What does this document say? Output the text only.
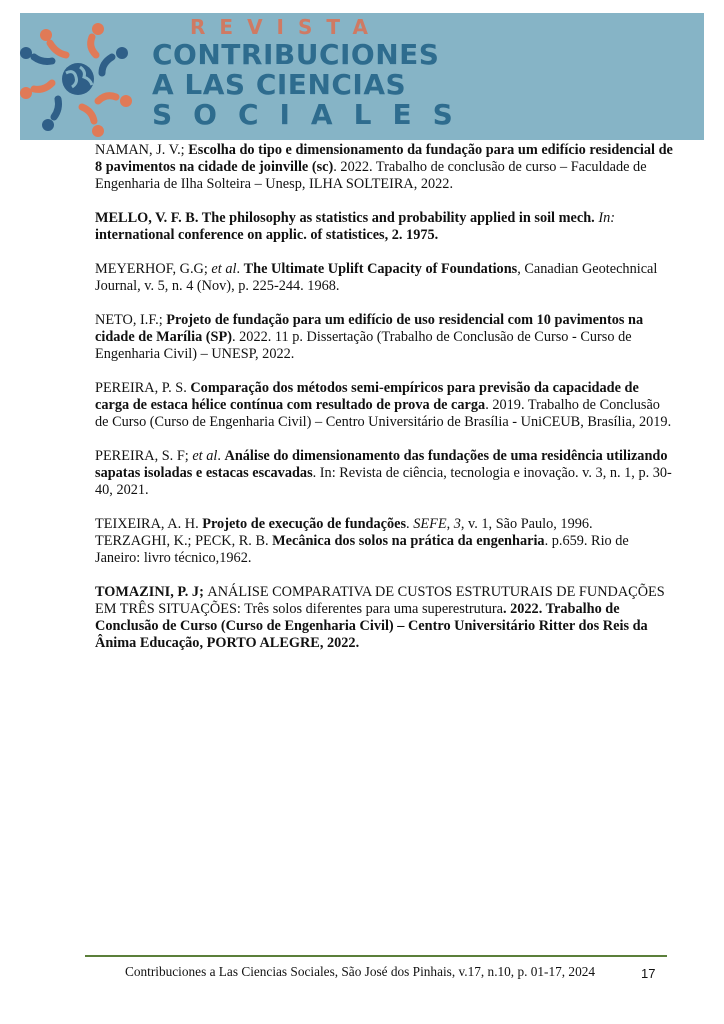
REVISTA
CONTRIBUCIONES
A LAS CIENCIAS
SOCIALES

NAMAN, J. V.; Escolha do tipo e dimensionamento da fundação para um edifício residencial de 8 pavimentos na cidade de joinville (sc). 2022. Trabalho de conclusão de curso – Faculdade de Engenharia de Ilha Solteira – Unesp, ILHA SOLTEIRA, 2022.

MELLO, V. F. B. The philosophy as statistics and probability applied in soil mech. In: international conference on applic. of statistices, 2. 1975.

MEYERHOF, G.G; et al. The Ultimate Uplift Capacity of Foundations, Canadian Geotechnical Journal, v. 5, n. 4 (Nov), p. 225-244. 1968.

NETO, I.F.; Projeto de fundação para um edifício de uso residencial com 10 pavimentos na cidade de Marília (SP). 2022. 11 p. Dissertação (Trabalho de Conclusão de Curso - Curso de Engenharia Civil) – UNESP, 2022.

PEREIRA, P. S. Comparação dos métodos semi-empíricos para previsão da capacidade de carga de estaca hélice contínua com resultado de prova de carga. 2019. Trabalho de Conclusão de Curso (Curso de Engenharia Civil) – Centro Universitário de Brasília - UniCEUB, Brasília, 2019.

PEREIRA, S. F; et al. Análise do dimensionamento das fundações de uma residência utilizando sapatas isoladas e estacas escavadas. In: Revista de ciência, tecnologia e inovação. v. 3, n. 1, p. 30-40, 2021.

TEIXEIRA, A. H. Projeto de execução de fundações. SEFE, 3, v. 1, São Paulo, 1996.

TERZAGHI, K.; PECK, R. B. Mecânica dos solos na prática da engenharia. p.659. Rio de Janeiro: livro técnico,1962.

TOMAZINI, P. J; ANÁLISE COMPARATIVA DE CUSTOS ESTRUTURAIS DE FUNDAÇÕES EM TRÊS SITUAÇÕES: Três solos diferentes para uma superestrutura. 2022. Trabalho de Conclusão de Curso (Curso de Engenharia Civil) – Centro Universitário Ritter dos Reis da Ânima Educação, PORTO ALEGRE, 2022.

Contribuciones a Las Ciencias Sociales, São José dos Pinhais, v.17, n.10, p. 01-17, 2024	17
